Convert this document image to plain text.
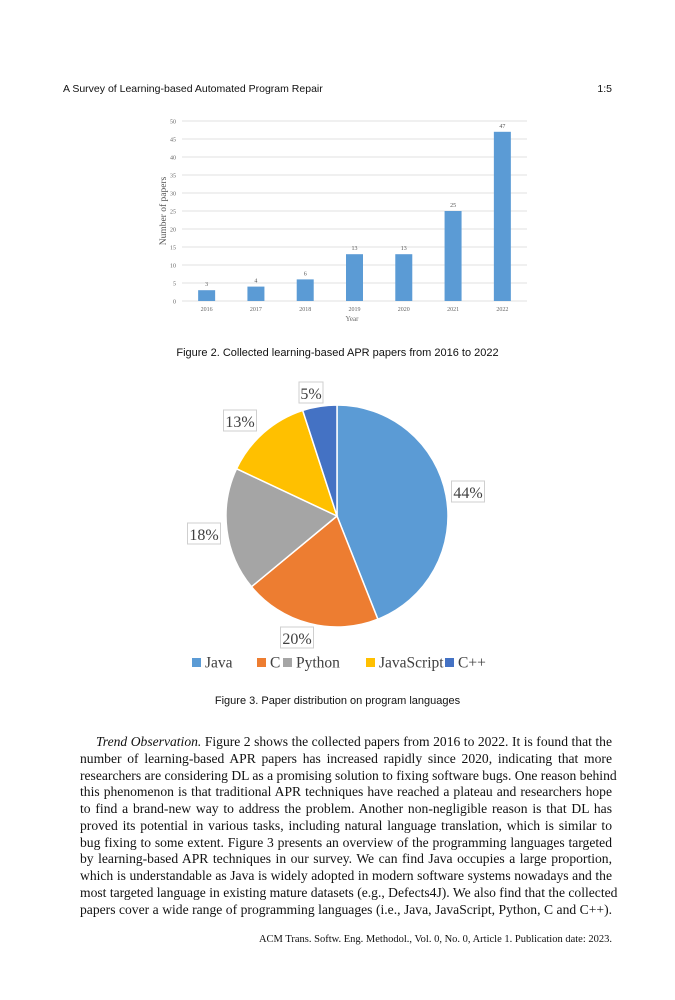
A Survey of Learning-based Automated Program Repair	1:5
0
5
10
15
20
25
30
35
40
45
50
3
2016
4
2017
6
2018
13
2019
13
2020
25
2021
47
2022
Year
Number of papers
Figure 2. Collected learning-based APR papers from 2016 to 2022
44%
20%
18%
13%
5%
Java C Python	JavaScript C++
Figure 3. Paper distribution on program languages
Trend Observation. Figure 2 shows the collected papers from 2016 to 2022. It is found that the
number of learning-based APR papers has increased rapidly since 2020, indicating that more
researchers are considering DL as a promising solution to fixing software bugs. One reason behind
this phenomenon is that traditional APR techniques have reached a plateau and researchers hope
to find a brand-new way to address the problem. Another non-negligible reason is that DL has
proved its potential in various tasks, including natural language translation, which is similar to
bug fixing to some extent. Figure 3 presents an overview of the programming languages targeted
by learning-based APR techniques in our survey. We can find Java occupies a large proportion,
which is understandable as Java is widely adopted in modern software systems nowadays and the
most targeted language in existing mature datasets (e.g., Defects4J). We also find that the collected
papers cover a wide range of programming languages (i.e., Java, JavaScript, Python, C and C++).
ACM Trans. Softw. Eng. Methodol., Vol. 0, No. 0, Article 1. Publication date: 2023.
